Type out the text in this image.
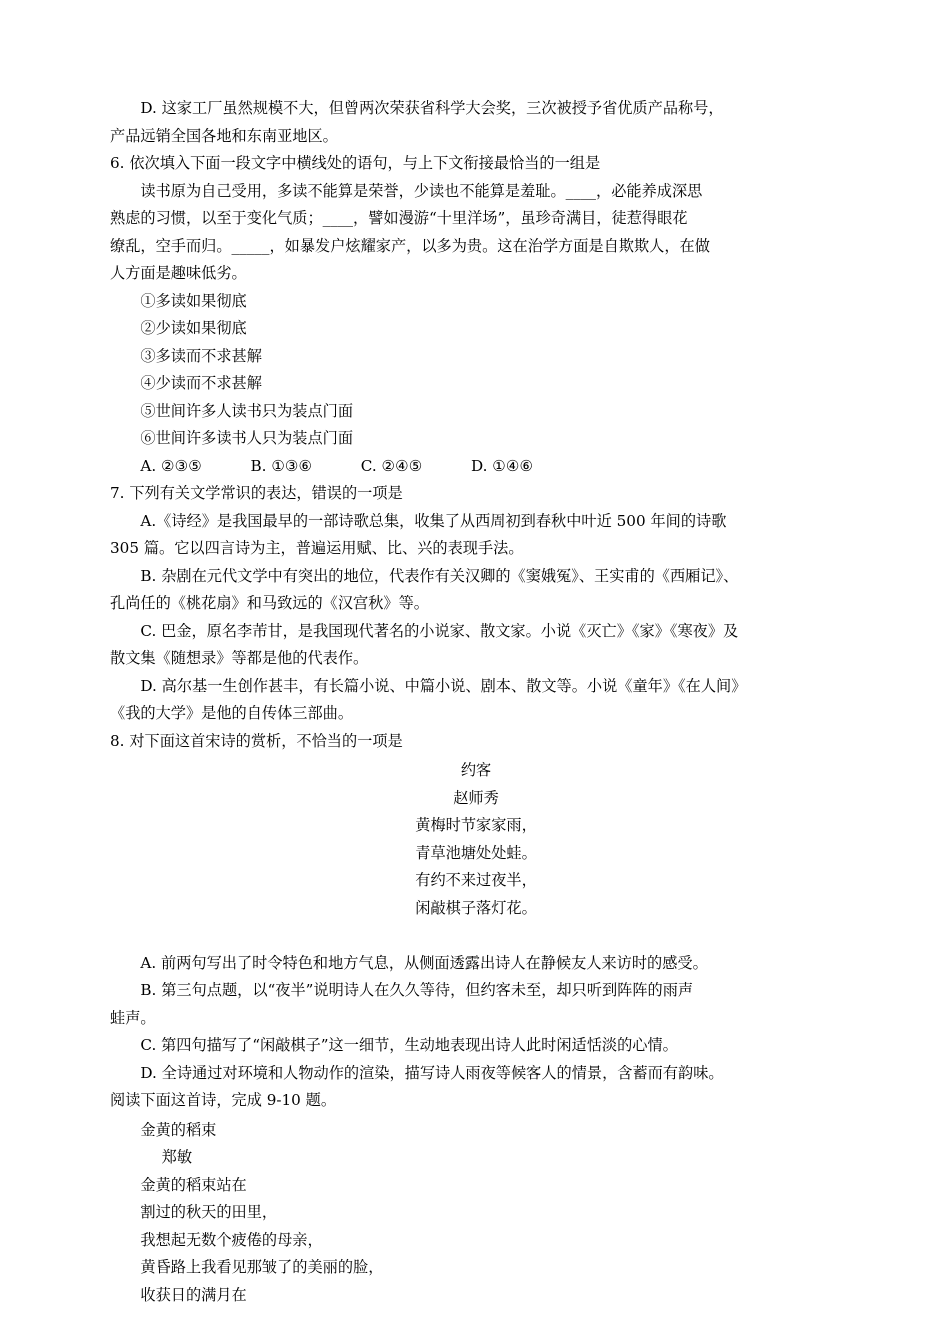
D. 这家工厂虽然规模不大，但曾两次荣获省科学大会奖，三次被授予省优质产品称号，

产品远销全国各地和东南亚地区。

6. 依次填入下面一段文字中横线处的语句，与上下文衔接最恰当的一组是

读书原为自己受用，多读不能算是荣誉，少读也不能算是羞耻。____，必能养成深思

熟虑的习惯，以至于变化气质；____，譬如漫游“十里洋场”，虽珍奇满目，徒惹得眼花

缭乱，空手而归。_____，如暴发户炫耀家产，以多为贵。这在治学方面是自欺欺人，在做

人方面是趣味低劣。

①多读如果彻底

②少读如果彻底

③多读而不求甚解

④少读而不求甚解

⑤世间许多人读书只为装点门面

⑥世间许多读书人只为装点门面

A. ②③⑤	B. ①③⑥	C. ②④⑤	D. ①④⑥

7. 下列有关文学常识的表达，错误的一项是

A.《诗经》是我国最早的一部诗歌总集，收集了从西周初到春秋中叶近 500 年间的诗歌

305 篇。它以四言诗为主，普遍运用赋、比、兴的表现手法。

B. 杂剧在元代文学中有突出的地位，代表作有关汉卿的《窦娥冤》、王实甫的《西厢记》、

孔尚任的《桃花扇》和马致远的《汉宫秋》等。

C. 巴金，原名李芾甘，是我国现代著名的小说家、散文家。小说《灭亡》《家》《寒夜》及

散文集《随想录》等都是他的代表作。

D. 高尔基一生创作甚丰，有长篇小说、中篇小说、剧本、散文等。小说《童年》《在人间》

《我的大学》是他的自传体三部曲。

8. 对下面这首宋诗的赏析，不恰当的一项是

约客

赵师秀

黄梅时节家家雨，

青草池塘处处蛙。

有约不来过夜半，

闲敲棋子落灯花。

A. 前两句写出了时令特色和地方气息，从侧面透露出诗人在静候友人来访时的感受。

B. 第三句点题，以“夜半”说明诗人在久久等待，但约客未至，却只听到阵阵的雨声

蛙声。

C. 第四句描写了“闲敲棋子”这一细节，生动地表现出诗人此时闲适恬淡的心情。

D. 全诗通过对环境和人物动作的渲染，描写诗人雨夜等候客人的情景，含蓄而有韵味。

阅读下面这首诗，完成 9-10 题。

金黄的稻束

郑敏

金黄的稻束站在

割过的秋天的田里，

我想起无数个疲倦的母亲，

黄昏路上我看见那皱了的美丽的脸，

收获日的满月在
